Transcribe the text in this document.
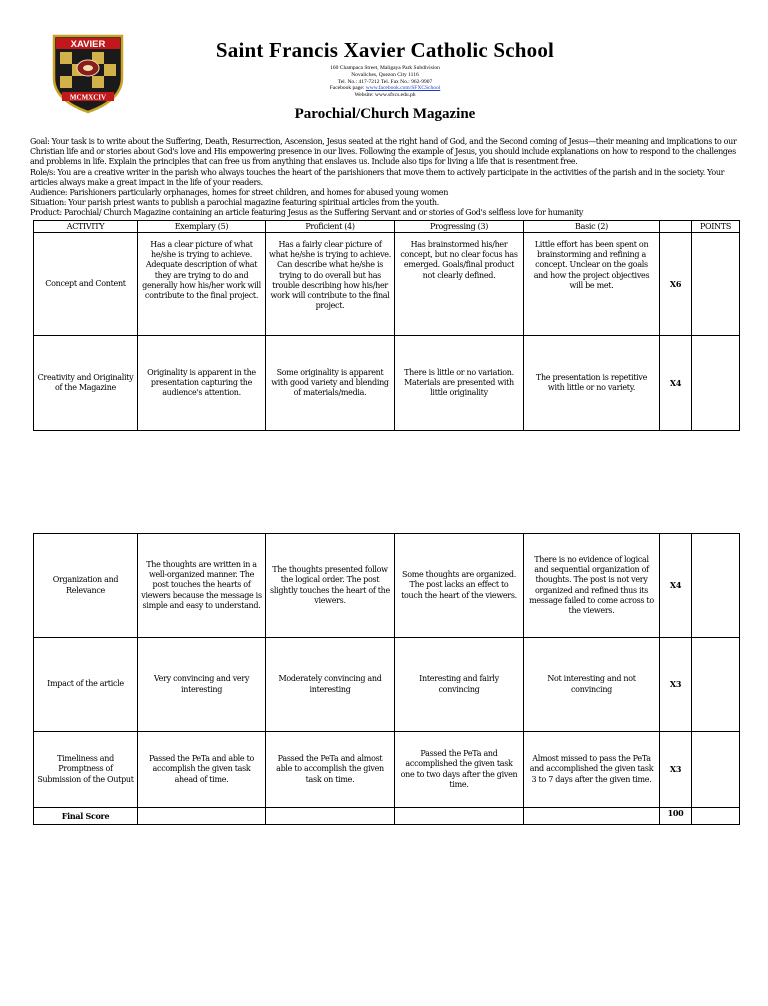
XAVIER
MCMXCIV
Saint Francis Xavier Catholic School
160 Champaca Street, Maligaya Park Subdivision
Novaliches, Quezon City 1116
Tel. No.: 417-7212 Tel. Fax No.: 962-9907
Facebook page: www.facebook.com/SFXCSchool
Website: www.sfxcs.edu.ph
Parochial/Church Magazine

Goal: Your task is to write about the Suffering, Death, Resurrection, Ascension, Jesus seated at the right hand of God, and the Second coming of Jesus—their meaning and implications to our Christian life and or stories about God's love and His empowering presence in our lives. Following the example of Jesus, you should include explanations on how to respond to the challenges and problems in life. Explain the principles that can free us from anything that enslaves us. Include also tips for living a life that is resentment free.

Role/s: You are a creative writer in the parish who always touches the heart of the parishioners that move them to actively participate in the activities of the parish and in the society. Your articles always make a great impact in the life of your readers.

Audience: Parishioners particularly orphanages, homes for street children, and homes for abused young women

Situation: Your parish priest wants to publish a parochial magazine featuring spiritual articles from the youth.

Product: Parochial/ Church Magazine containing an article featuring Jesus as the Suffering Servant and or stories of God's selfless love for humanity

ACTIVITY	Exemplary (5)	Proficient (4)	Progressing (3)	Basic (2)		POINTS
Concept and Content	Has a clear picture of what he/she is trying to achieve. Adequate description of what they are trying to do and generally how his/her work will contribute to the final project.	Has a fairly clear picture of what he/she is trying to achieve. Can describe what he/she is trying to do overall but has trouble describing how his/her work will contribute to the final project.	Has brainstormed his/her concept, but no clear focus has emerged. Goals/final product not clearly defined.	Little effort has been spent on brainstorming and refining a concept. Unclear on the goals and how the project objectives will be met.	X6	
Creativity and Originality of the Magazine	Originality is apparent in the presentation capturing the audience's attention.	Some originality is apparent with good variety and blending of materials/media.	There is little or no variation. Materials are presented with little originality	The presentation is repetitive with little or no variety.	X4	
Organization and Relevance	The thoughts are written in a well-organized manner. The post touches the hearts of viewers because the message is simple and easy to understand.	The thoughts presented follow the logical order. The post slightly touches the heart of the viewers.	Some thoughts are organized. The post lacks an effect to touch the heart of the viewers.	There is no evidence of logical and sequential organization of thoughts. The post is not very organized and refined thus its message failed to come across to the viewers.	X4	
Impact of the article	Very convincing and very interesting	Moderately convincing and interesting	Interesting and fairly convincing	Not interesting and not convincing	X3	
Timeliness and Promptness of Submission of the Output	Passed the PeTa and able to accomplish the given task ahead of time.	Passed the PeTa and almost able to accomplish the given task on time.	Passed the PeTa and accomplished the given task one to two days after the given time.	Almost missed to pass the PeTa and accomplished the given task 3 to 7 days after the given time.	X3	
Final Score					100	
